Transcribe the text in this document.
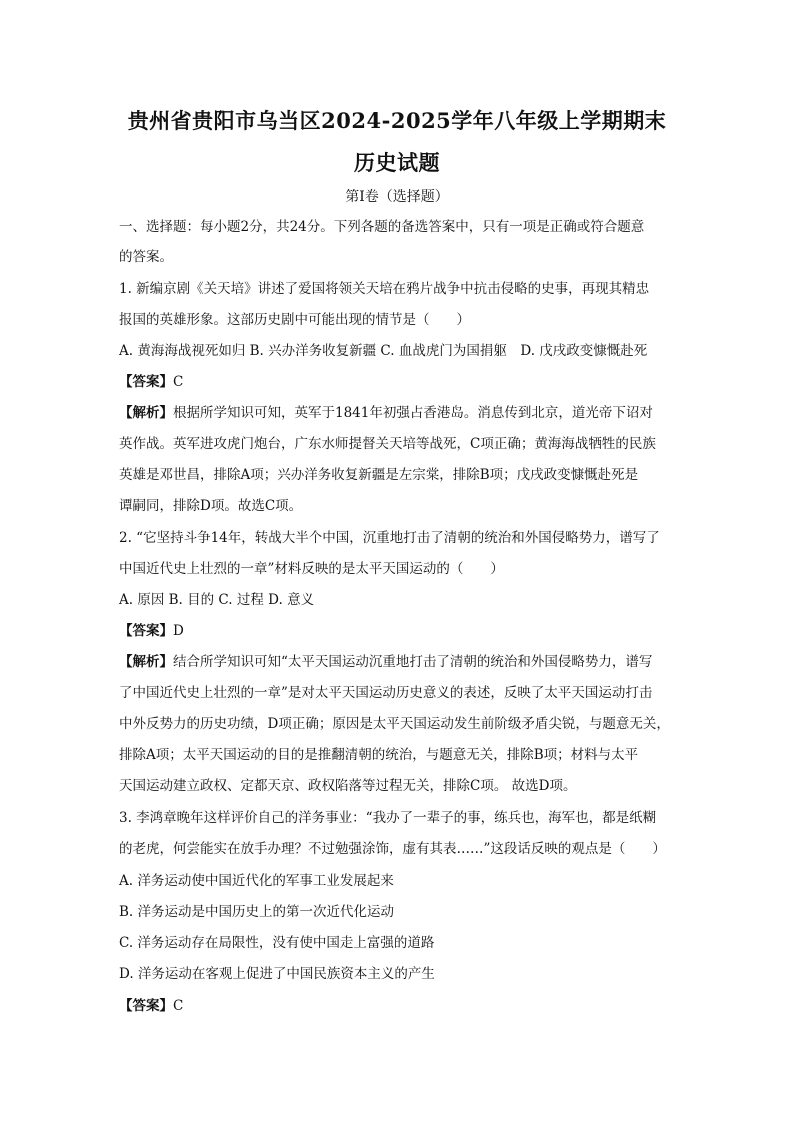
贵州省贵阳市乌当区2024-2025学年八年级上学期期末
历史试题
第Ⅰ卷（选择题）
一、选择题：每小题2分，共24分。下列各题的备选答案中，只有一项是正确或符合题意
的答案。
1. 新编京剧《关天培》讲述了爱国将领关天培在鸦片战争中抗击侵略的史事，再现其精忠
报国的英雄形象。这部历史剧中可能出现的情节是（　　）
A. 黄海海战视死如归 B. 兴办洋务收复新疆 C. 血战虎门为国捐躯　D. 戊戌政变慷慨赴死
【答案】C
【解析】根据所学知识可知，英军于1841年初强占香港岛。消息传到北京，道光帝下诏对
英作战。英军进攻虎门炮台，广东水师提督关天培等战死，C项正确；黄海海战牺牲的民族
英雄是邓世昌，排除A项；兴办洋务收复新疆是左宗棠，排除B项；戊戌政变慷慨赴死是
谭嗣同，排除D项。故选C项。
2. “它坚持斗争14年，转战大半个中国，沉重地打击了清朝的统治和外国侵略势力，谱写了
中国近代史上壮烈的一章”材料反映的是太平天国运动的（　　）
A. 原因 B. 目的 C. 过程 D. 意义
【答案】D
【解析】结合所学知识可知“太平天国运动沉重地打击了清朝的统治和外国侵略势力，谱写
了中国近代史上壮烈的一章”是对太平天国运动历史意义的表述，反映了太平天国运动打击
中外反势力的历史功绩，D项正确；原因是太平天国运动发生前阶级矛盾尖锐，与题意无关，
排除A项；太平天国运动的目的是推翻清朝的统治，与题意无关，排除B项；材料与太平
天国运动建立政权、定都天京、政权陷落等过程无关，排除C项。 故选D项。
3. 李鸿章晚年这样评价自己的洋务事业：“我办了一辈子的事，练兵也，海军也，都是纸糊
的老虎，何尝能实在放手办理？不过勉强涂饰，虚有其表……”这段话反映的观点是（　　）
A. 洋务运动使中国近代化的军事工业发展起来
B. 洋务运动是中国历史上的第一次近代化运动
C. 洋务运动存在局限性，没有使中国走上富强的道路
D. 洋务运动在客观上促进了中国民族资本主义的产生
【答案】C
